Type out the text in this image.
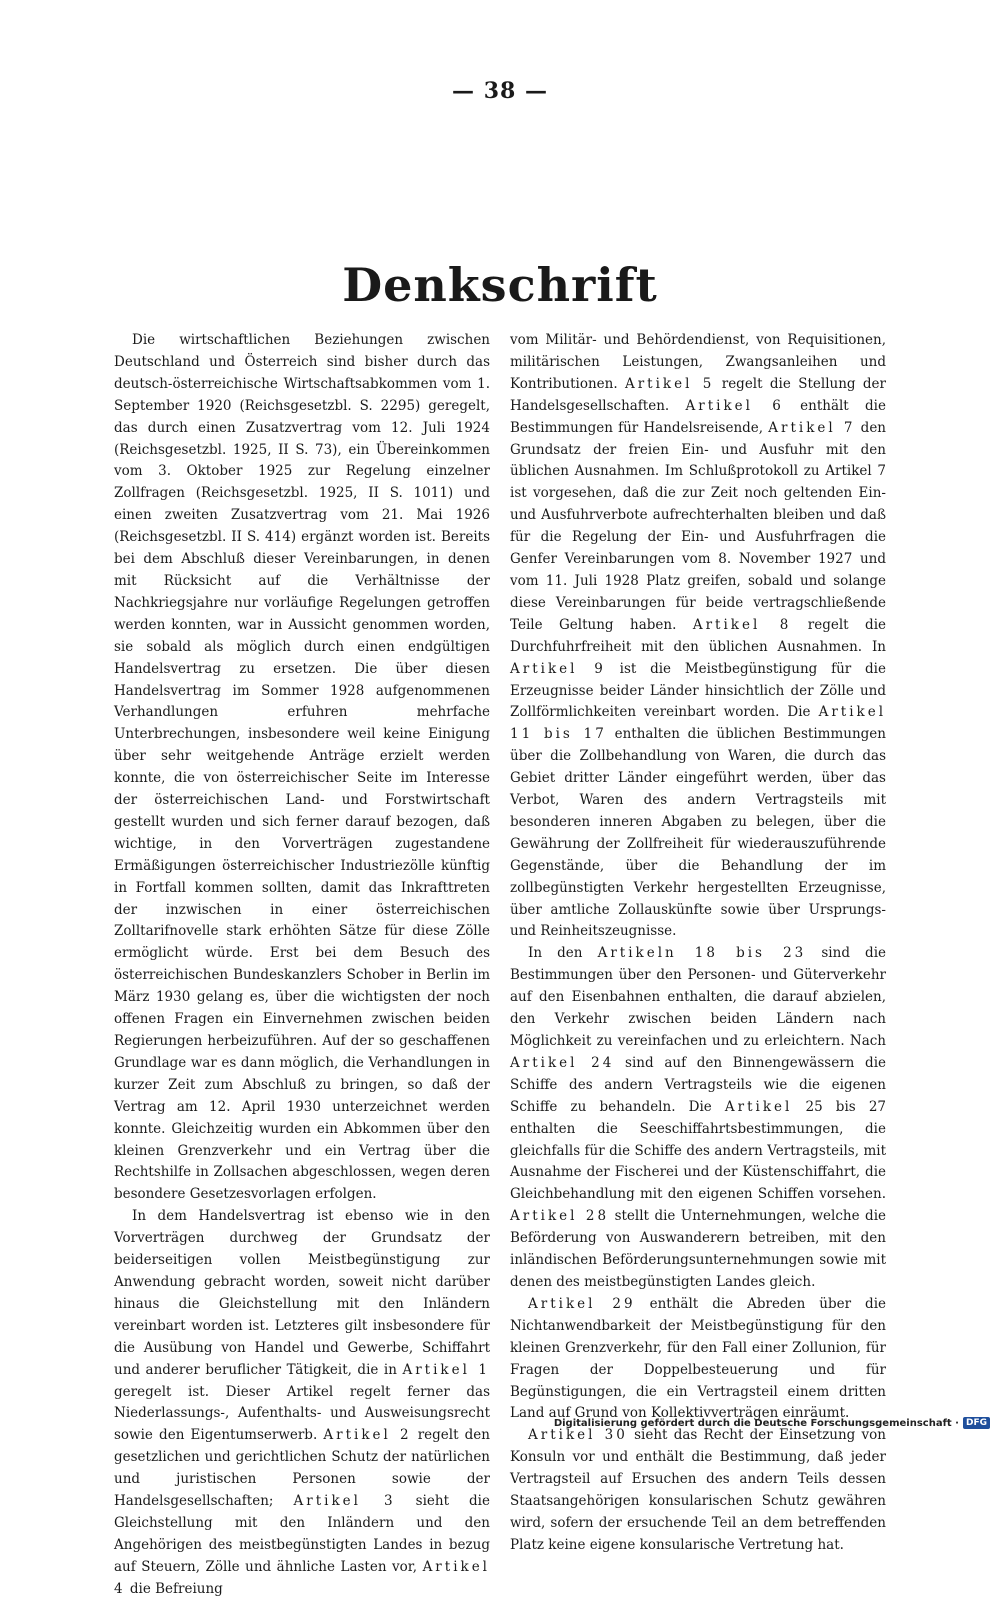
— 38 —
Denkschrift

Die wirtschaftlichen Beziehungen zwischen Deutschland und Österreich sind bisher durch das deutsch-österreichische Wirtschaftsabkommen vom 1. September 1920 (Reichsgesetzbl. S. 2295) geregelt, das durch einen Zusatzvertrag vom 12. Juli 1924 (Reichsgesetzbl. 1925, II S. 73), ein Übereinkommen vom 3. Oktober 1925 zur Regelung einzelner Zollfragen (Reichsgesetzbl. 1925, II S. 1011) und einen zweiten Zusatzvertrag vom 21. Mai 1926 (Reichsgesetzbl. II S. 414) ergänzt worden ist. Bereits bei dem Abschluß dieser Vereinbarungen, in denen mit Rücksicht auf die Verhältnisse der Nachkriegsjahre nur vorläufige Regelungen getroffen werden konnten, war in Aussicht genommen worden, sie sobald als möglich durch einen endgültigen Handelsvertrag zu ersetzen. Die über diesen Handelsvertrag im Sommer 1928 aufgenommenen Verhandlungen erfuhren mehrfache Unterbrechungen, insbesondere weil keine Einigung über sehr weitgehende Anträge erzielt werden konnte, die von österreichischer Seite im Interesse der österreichischen Land- und Forstwirtschaft gestellt wurden und sich ferner darauf bezogen, daß wichtige, in den Vorverträgen zugestandene Ermäßigungen österreichischer Industriezölle künftig in Fortfall kommen sollten, damit das Inkrafttreten der inzwischen in einer österreichischen Zolltarifnovelle stark erhöhten Sätze für diese Zölle ermöglicht würde. Erst bei dem Besuch des österreichischen Bundeskanzlers Schober in Berlin im März 1930 gelang es, über die wichtigsten der noch offenen Fragen ein Einvernehmen zwischen beiden Regierungen herbeizuführen. Auf der so geschaffenen Grundlage war es dann möglich, die Verhandlungen in kurzer Zeit zum Abschluß zu bringen, so daß der Vertrag am 12. April 1930 unterzeichnet werden konnte. Gleichzeitig wurden ein Abkommen über den kleinen Grenzverkehr und ein Vertrag über die Rechtshilfe in Zollsachen abgeschlossen, wegen deren besondere Gesetzesvorlagen erfolgen.

In dem Handelsvertrag ist ebenso wie in den Vorverträgen durchweg der Grundsatz der beiderseitigen vollen Meistbegünstigung zur Anwendung gebracht worden, soweit nicht darüber hinaus die Gleichstellung mit den Inländern vereinbart worden ist. Letzteres gilt insbesondere für die Ausübung von Handel und Gewerbe, Schiffahrt und anderer beruflicher Tätigkeit, die in Artikel 1 geregelt ist. Dieser Artikel regelt ferner das Niederlassungs-, Aufenthalts- und Ausweisungsrecht sowie den Eigentumserwerb. Artikel 2 regelt den gesetzlichen und gerichtlichen Schutz der natürlichen und juristischen Personen sowie der Handelsgesellschaften; Artikel 3 sieht die Gleichstellung mit den Inländern und den Angehörigen des meistbegünstigten Landes in bezug auf Steuern, Zölle und ähnliche Lasten vor, Artikel 4 die Befreiung

vom Militär- und Behördendienst, von Requisitionen, militärischen Leistungen, Zwangsanleihen und Kontributionen. Artikel 5 regelt die Stellung der Handelsgesellschaften. Artikel 6 enthält die Bestimmungen für Handelsreisende, Artikel 7 den Grundsatz der freien Ein- und Ausfuhr mit den üblichen Ausnahmen. Im Schlußprotokoll zu Artikel 7 ist vorgesehen, daß die zur Zeit noch geltenden Ein- und Ausfuhrverbote aufrechterhalten bleiben und daß für die Regelung der Ein- und Ausfuhrfragen die Genfer Vereinbarungen vom 8. November 1927 und vom 11. Juli 1928 Platz greifen, sobald und solange diese Vereinbarungen für beide vertragschließende Teile Geltung haben. Artikel 8 regelt die Durchfuhrfreiheit mit den üblichen Ausnahmen. In Artikel 9 ist die Meistbegünstigung für die Erzeugnisse beider Länder hinsichtlich der Zölle und Zollförmlichkeiten vereinbart worden. Die Artikel 11 bis 17 enthalten die üblichen Bestimmungen über die Zollbehandlung von Waren, die durch das Gebiet dritter Länder eingeführt werden, über das Verbot, Waren des andern Vertragsteils mit besonderen inneren Abgaben zu belegen, über die Gewährung der Zollfreiheit für wiederauszuführende Gegenstände, über die Behandlung der im zollbegünstigten Verkehr hergestellten Erzeugnisse, über amtliche Zollauskünfte sowie über Ursprungs- und Reinheitszeugnisse.

In den Artikeln 18 bis 23 sind die Bestimmungen über den Personen- und Güterverkehr auf den Eisenbahnen enthalten, die darauf abzielen, den Verkehr zwischen beiden Ländern nach Möglichkeit zu vereinfachen und zu erleichtern. Nach Artikel 24 sind auf den Binnengewässern die Schiffe des andern Vertragsteils wie die eigenen Schiffe zu behandeln. Die Artikel 25 bis 27 enthalten die Seeschiffahrtsbestimmungen, die gleichfalls für die Schiffe des andern Vertragsteils, mit Ausnahme der Fischerei und der Küstenschiffahrt, die Gleichbehandlung mit den eigenen Schiffen vorsehen. Artikel 28 stellt die Unternehmungen, welche die Beförderung von Auswanderern betreiben, mit den inländischen Beförderungsunternehmungen sowie mit denen des meistbegünstigten Landes gleich.

Artikel 29 enthält die Abreden über die Nichtanwendbarkeit der Meistbegünstigung für den kleinen Grenzverkehr, für den Fall einer Zollunion, für Fragen der Doppelbesteuerung und für Begünstigungen, die ein Vertragsteil einem dritten Land auf Grund von Kollektivverträgen einräumt.

Artikel 30 sieht das Recht der Einsetzung von Konsuln vor und enthält die Bestimmung, daß jeder Vertragsteil auf Ersuchen des andern Teils dessen Staatsangehörigen konsularischen Schutz gewähren wird, sofern der ersuchende Teil an dem betreffenden Platz keine eigene konsularische Vertretung hat.

Digitalisierung gefördert durch die Deutsche Forschungsgemeinschaft · DFG
